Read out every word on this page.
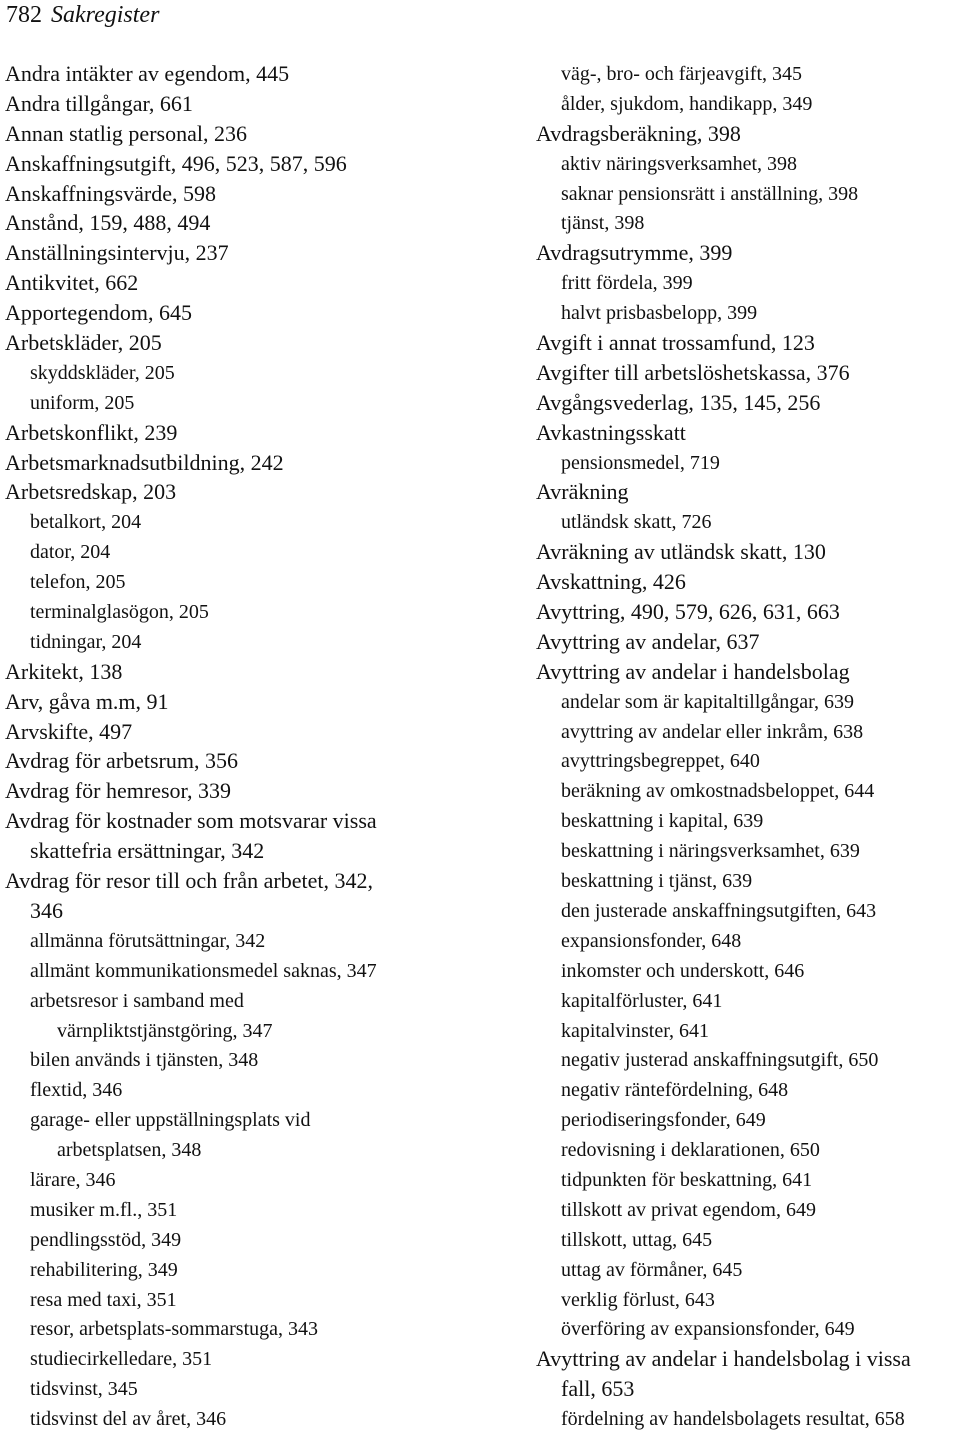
782 Sakregister
Andra intäkter av egendom, 445
Andra tillgångar, 661
Annan statlig personal, 236
Anskaffningsutgift, 496, 523, 587, 596
Anskaffningsvärde, 598
Anstånd, 159, 488, 494
Anställningsintervju, 237
Antikvitet, 662
Apportegendom, 645
Arbetskläder, 205
skyddskläder, 205
uniform, 205
Arbetskonflikt, 239
Arbetsmarknadsutbildning, 242
Arbetsredskap, 203
betalkort, 204
dator, 204
telefon, 205
terminalglasögon, 205
tidningar, 204
Arkitekt, 138
Arv, gåva m.m, 91
Arvskifte, 497
Avdrag för arbetsrum, 356
Avdrag för hemresor, 339
Avdrag för kostnader som motsvarar vissa
skattefria ersättningar, 342
Avdrag för resor till och från arbetet, 342,
346
allmänna förutsättningar, 342
allmänt kommunikationsmedel saknas, 347
arbetsresor i samband med
värnpliktstjänstgöring, 347
bilen används i tjänsten, 348
flextid, 346
garage- eller uppställningsplats vid
arbetsplatsen, 348
lärare, 346
musiker m.fl., 351
pendlingsstöd, 349
rehabilitering, 349
resa med taxi, 351
resor, arbetsplats-sommarstuga, 343
studiecirkelledare, 351
tidsvinst, 345
tidsvinst del av året, 346
väg-, bro- och färjeavgift, 345
ålder, sjukdom, handikapp, 349
Avdragsberäkning, 398
aktiv näringsverksamhet, 398
saknar pensionsrätt i anställning, 398
tjänst, 398
Avdragsutrymme, 399
fritt fördela, 399
halvt prisbasbelopp, 399
Avgift i annat trossamfund, 123
Avgifter till arbetslöshetskassa, 376
Avgångsvederlag, 135, 145, 256
Avkastningsskatt
pensionsmedel, 719
Avräkning
utländsk skatt, 726
Avräkning av utländsk skatt, 130
Avskattning, 426
Avyttring, 490, 579, 626, 631, 663
Avyttring av andelar, 637
Avyttring av andelar i handelsbolag
andelar som är kapitaltillgångar, 639
avyttring av andelar eller inkråm, 638
avyttringsbegreppet, 640
beräkning av omkostnadsbeloppet, 644
beskattning i kapital, 639
beskattning i näringsverksamhet, 639
beskattning i tjänst, 639
den justerade anskaffningsutgiften, 643
expansionsfonder, 648
inkomster och underskott, 646
kapitalförluster, 641
kapitalvinster, 641
negativ justerad anskaffningsutgift, 650
negativ räntefördelning, 648
periodiseringsfonder, 649
redovisning i deklarationen, 650
tidpunkten för beskattning, 641
tillskott av privat egendom, 649
tillskott, uttag, 645
uttag av förmåner, 645
verklig förlust, 643
överföring av expansionsfonder, 649
Avyttring av andelar i handelsbolag i vissa
fall, 653
fördelning av handelsbolagets resultat, 658
